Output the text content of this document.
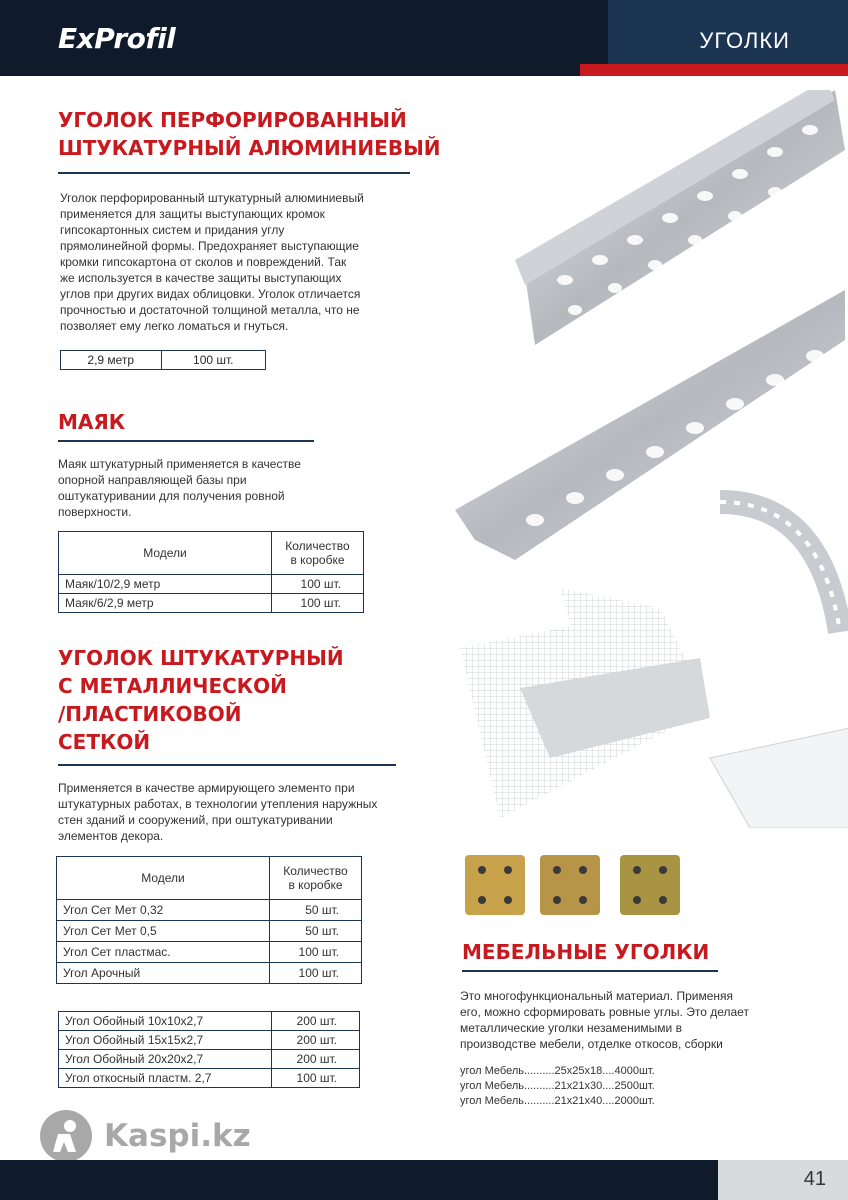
ExProfil	УГОЛКИ
УГОЛОК ПЕРФОРИРОВАННЫЙ
ШТУКАТУРНЫЙ АЛЮМИНИЕВЫЙ
Уголок перфорированный штукатурный алюминиевый
применяется для защиты выступающих кромок
гипсокартонных систем и придания углу
прямолинейной формы. Предохраняет выступающие
кромки гипсокартона от сколов и повреждений. Так
же используется в качестве защиты выступающих
углов при других видах облицовки. Уголок отличается
прочностью и достаточной толщиной металла, что не
позволяет ему легко ломаться и гнуться.
2,9 метр	100 шт.
МАЯК
Маяк штукатурный применяется в качестве
опорной направляющей базы при
оштукатуривании для получения ровной
поверхности.
Модели	Количество
в коробке
Маяк/10/2,9 метр	100 шт.
Маяк/6/2,9 метр	100 шт.
УГОЛОК ШТУКАТУРНЫЙ
С МЕТАЛЛИЧЕСКОЙ
/ПЛАСТИКОВОЙ
СЕТКОЙ
Применяется в качестве армирующего элементо при
штукатурных работах, в технологии утепления наружных
стен зданий и сооружений, при оштукатуривании
элементов декора.
Модели	Количество
в коробке
Угол Сет Мет 0,32	50 шт.
Угол Сет Мет 0,5	50 шт.
Угол Сет пластмас.	100 шт.
Угол Арочный	100 шт.
Угол Обойный 10х10х2,7	200 шт.
Угол Обойный 15х15х2,7	200 шт.
Угол Обойный 20х20х2,7	200 шт.
Угол откосный пластм. 2,7	100 шт.
МЕБЕЛЬНЫЕ УГОЛКИ
Это многофункциональный материал. Применяя
его, можно сформировать ровные углы. Это делает
металлические уголки незаменимыми в
производстве мебели, отделке откосов, сборки
угол Мебель..........25х25х18....4000шт.
угол Мебель..........21х21х30....2500шт.
угол Мебель..........21х21х40....2000шт.
Kaspi.kz
41
